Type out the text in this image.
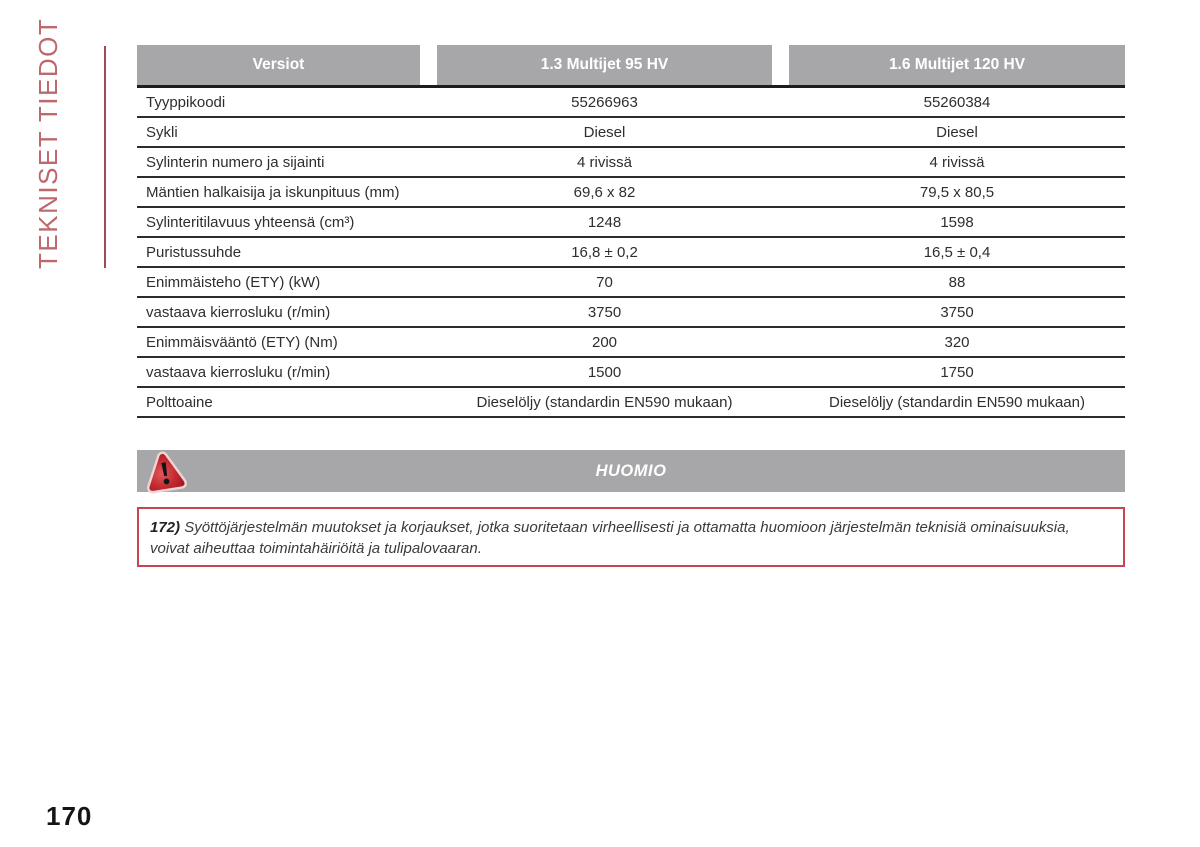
TEKNISET TIEDOT	Versiot	1.3 Multijet 95 HV	1.6 Multijet 120 HV
Tyyppikoodi	55266963	55260384
Sykli	Diesel	Diesel
Sylinterin numero ja sijainti	4 rivissä	4 rivissä
Mäntien halkaisija ja iskunpituus (mm)	69,6 x 82	79,5 x 80,5
Sylinteritilavuus yhteensä (cm³)	1248	1598
Puristussuhde	16,8 ± 0,2	16,5 ± 0,4
Enimmäisteho (ETY) (kW)	70	88
vastaava kierrosluku (r/min)	3750	3750
Enimmäisvääntö (ETY) (Nm)	200	320
vastaava kierrosluku (r/min)	1500	1750
Polttoaine	Dieselöljy (standardin EN590 mukaan)	Dieselöljy (standardin EN590 mukaan)
HUOMIO
172) Syöttöjärjestelmän muutokset ja korjaukset, jotka suoritetaan virheellisesti ja ottamatta huomioon järjestelmän teknisiä ominaisuuksia, voivat aiheuttaa toimintahäiriöitä ja tulipalovaaran.
170
